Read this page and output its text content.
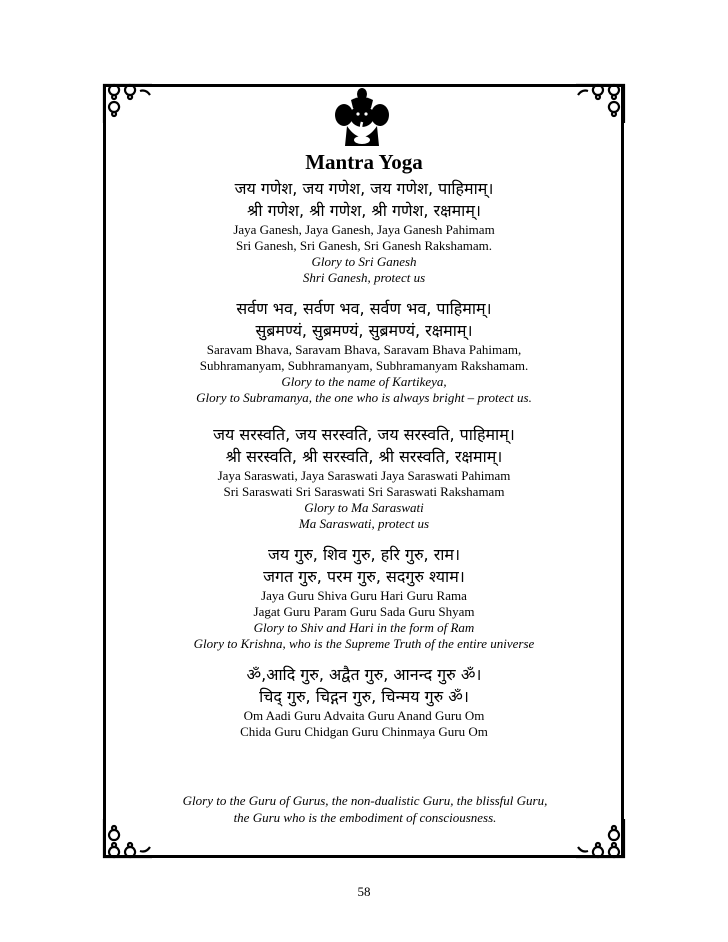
Mantra Yoga
जय गणेश, जय गणेश, जय गणेश, पाहिमाम्।
श्री गणेश, श्री गणेश, श्री गणेश, रक्षमाम्।
Jaya Ganesh, Jaya Ganesh, Jaya Ganesh Pahimam
Sri Ganesh, Sri Ganesh, Sri Ganesh Rakshamam.
Glory to Sri Ganesh
Shri Ganesh, protect us
सर्वण भव, सर्वण भव, सर्वण भव, पाहिमाम्।
सुब्रमण्यं, सुब्रमण्यं, सुब्रमण्यं, रक्षमाम्।
Saravam Bhava, Saravam Bhava, Saravam Bhava Pahimam,
Subhramanyam, Subhramanyam, Subhramanyam Rakshamam.
Glory to the name of Kartikeya,
Glory to Subramanya, the one who is always bright – protect us.
जय सरस्वति, जय सरस्वति, जय सरस्वति, पाहिमाम्।
श्री सरस्वति, श्री सरस्वति, श्री सरस्वति, रक्षमाम्।
Jaya Saraswati, Jaya Saraswati Jaya Saraswati Pahimam
Sri Saraswati Sri Saraswati Sri Saraswati Rakshamam
Glory to Ma Saraswati
Ma Saraswati, protect us
जय गुरु, शिव गुरु, हरि गुरु, राम।
जगत गुरु, परम गुरु, सदगुरु श्याम।
Jaya Guru Shiva Guru Hari Guru Rama
Jagat Guru Param Guru Sada Guru Shyam
Glory to Shiv and Hari in the form of Ram
Glory to Krishna, who is the Supreme Truth of the entire universe
ॐ,आदि गुरु, अद्वैत गुरु, आनन्द गुरु ॐ।
चिद् गुरु, चिद्गन गुरु, चिन्मय गुरु ॐ।
Om Aadi Guru Advaita Guru Anand Guru Om
Chida Guru Chidgan Guru Chinmaya Guru Om
Glory to the Guru of Gurus, the non-dualistic Guru, the blissful Guru,
the Guru who is the embodiment of consciousness.
58
